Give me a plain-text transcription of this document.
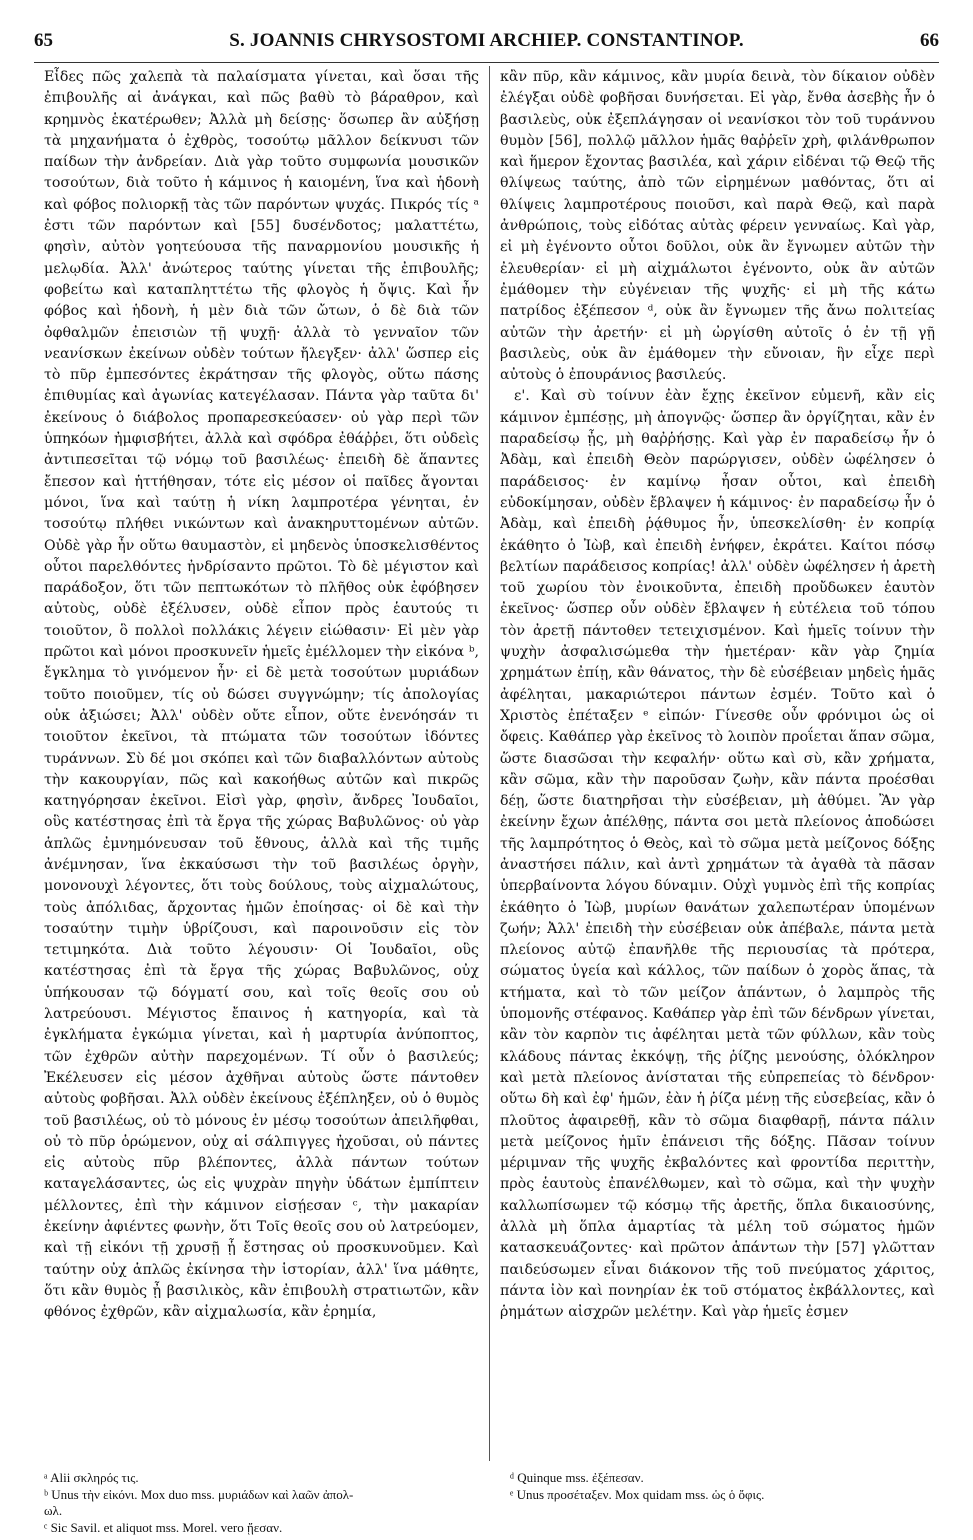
65	S. JOANNIS CHRYSOSTOMI ARCHIEP. CONSTANTINOP.	66

Εἶδες πῶς χαλεπὰ τὰ παλαίσματα γίνεται, καὶ ὅσαι τῆς ἐπιβουλῆς αἱ ἀνάγκαι, καὶ πῶς βαθὺ τὸ βάραθρον, καὶ κρημνὸς ἑκατέρωθεν; Ἀλλὰ μὴ δείσῃς· ὅσωπερ ἂν αὐξήσῃ τὰ μηχανήματα ὁ ἐχθρὸς, τοσούτῳ μᾶλλον δείκνυσι τῶν παίδων τὴν ἀνδρείαν. Διὰ γὰρ τοῦτο συμφωνία μουσικῶν τοσούτων, διὰ τοῦτο ἡ κάμινος ἡ καιομένη, ἵνα καὶ ἡδονὴ καὶ φόβος πολιορκῇ τὰς τῶν παρόντων ψυχάς. Πικρός τίς ᵃ ἐστι τῶν παρόντων καὶ [55] δυσένδοτος; μαλαττέτω, φησὶν, αὐτὸν γοητεύουσα τῆς παναρμονίου μουσικῆς ἡ μελῳδία. Ἀλλ' ἀνώτερος ταύτης γίνεται τῆς ἐπιβουλῆς; φοβείτω καὶ καταπληττέτω τῆς φλογὸς ἡ ὄψις. Καὶ ἦν φόβος καὶ ἡδονὴ, ἡ μὲν διὰ τῶν ὤτων, ὁ δὲ διὰ τῶν ὀφθαλμῶν ἐπεισιὼν τῇ ψυχῇ· ἀλλὰ τὸ γενναῖον τῶν νεανίσκων ἐκείνων οὐδὲν τούτων ἤλεγξεν· ἀλλ' ὥσπερ εἰς τὸ πῦρ ἐμπεσόντες ἐκράτησαν τῆς φλογὸς, οὕτω πάσης ἐπιθυμίας καὶ ἀγωνίας κατεγέλασαν. Πάντα γὰρ ταῦτα δι' ἐκείνους ὁ διάβολος προπαρεσκεύασεν· οὐ γὰρ περὶ τῶν ὑπηκόων ἠμφισβήτει, ἀλλὰ καὶ σφόδρα ἐθάῤῥει, ὅτι οὐδεὶς ἀντιπεσεῖται τῷ νόμῳ τοῦ βασιλέως· ἐπειδὴ δὲ ἅπαντες ἔπεσον καὶ ἡττήθησαν, τότε εἰς μέσον οἱ παῖδες ἄγονται μόνοι, ἵνα καὶ ταύτῃ ἡ νίκη λαμπροτέρα γένηται, ἐν τοσούτῳ πλήθει νικώντων καὶ ἀνακηρυττομένων αὐτῶν. Οὐδὲ γὰρ ἦν οὕτω θαυμαστὸν, εἰ μηδενὸς ὑποσκελισθέντος οὗτοι παρελθόντες ἠνδρίσαντο πρῶτοι. Τὸ δὲ μέγιστον καὶ παράδοξον, ὅτι τῶν πεπτωκότων τὸ πλῆθος οὐκ ἐφόβησεν αὐτοὺς, οὐδὲ ἐξέλυσεν, οὐδὲ εἶπον πρὸς ἑαυτούς τι τοιοῦτον, ὃ πολλοὶ πολλάκις λέγειν εἰώθασιν· Εἰ μὲν γὰρ πρῶτοι καὶ μόνοι προσκυνεῖν ἡμεῖς ἐμέλλομεν τὴν εἰκόνα ᵇ, ἔγκλημα τὸ γινόμενον ἦν· εἰ δὲ μετὰ τοσούτων μυριάδων τοῦτο ποιοῦμεν, τίς οὐ δώσει συγγνώμην; τίς ἀπολογίας οὐκ ἀξιώσει; Ἀλλ' οὐδὲν οὔτε εἶπον, οὔτε ἐνενόησάν τι τοιοῦτον ἐκεῖνοι, τὰ πτώματα τῶν τοσούτων ἰδόντες τυράννων. Σὺ δέ μοι σκόπει καὶ τῶν διαβαλλόντων αὐτοὺς τὴν κακουργίαν, πῶς καὶ κακοήθως αὐτῶν καὶ πικρῶς κατηγόρησαν ἐκεῖνοι. Εἰσὶ γὰρ, φησὶν, ἄνδρες Ἰουδαῖοι, οὓς κατέστησας ἐπὶ τὰ ἔργα τῆς χώρας Βαβυλῶνος· οὐ γὰρ ἁπλῶς ἐμνημόνευσαν τοῦ ἔθνους, ἀλλὰ καὶ τῆς τιμῆς ἀνέμνησαν, ἵνα ἐκκαύσωσι τὴν τοῦ βασιλέως ὀργὴν, μονονουχὶ λέγοντες, ὅτι τοὺς δούλους, τοὺς αἰχμαλώτους, τοὺς ἀπόλιδας, ἄρχοντας ἡμῶν ἐποίησας· οἱ δὲ καὶ τὴν τοσαύτην τιμὴν ὑβρίζουσι, καὶ παροινοῦσιν εἰς τὸν τετιμηκότα. Διὰ τοῦτο λέγουσιν· Οἱ Ἰουδαῖοι, οὓς κατέστησας ἐπὶ τὰ ἔργα τῆς χώρας Βαβυλῶνος, οὐχ ὑπήκουσαν τῷ δόγματί σου, καὶ τοῖς θεοῖς σου οὐ λατρεύουσι. Μέγιστος ἔπαινος ἡ κατηγορία, καὶ τὰ ἐγκλήματα ἐγκώμια γίνεται, καὶ ἡ μαρτυρία ἀνύποπτος, τῶν ἐχθρῶν αὐτὴν παρεχομένων. Τί οὖν ὁ βασιλεύς; Ἐκέλευσεν εἰς μέσον ἀχθῆναι αὐτοὺς ὥστε πάντοθεν αὐτοὺς φοβῆσαι. Ἀλλ οὐδὲν ἐκείνους ἐξέπληξεν, οὐ ὁ θυμὸς τοῦ βασιλέως, οὐ τὸ μόνους ἐν μέσῳ τοσούτων ἀπειλῆφθαι, οὐ τὸ πῦρ ὁρώμενον, οὐχ αἱ σάλπιγγες ἠχοῦσαι, οὐ πάντες εἰς αὐτοὺς πῦρ βλέποντες, ἀλλὰ πάντων τούτων καταγελάσαντες, ὡς εἰς ψυχρὰν πηγὴν ὑδάτων ἐμπίπτειν μέλλοντες, ἐπὶ τὴν κάμινον εἰσῄεσαν ᶜ, τὴν μακαρίαν ἐκείνην ἀφιέντες φωνὴν, ὅτι Τοῖς θεοῖς σου οὐ λατρεύομεν, καὶ τῇ εἰκόνι τῇ χρυσῇ ᾗ ἔστησας οὐ προσκυνοῦμεν. Καὶ ταύτην οὐχ ἁπλῶς ἐκίνησα τὴν ἱστορίαν, ἀλλ' ἵνα μάθητε, ὅτι κἂν θυμὸς ᾖ βασιλικὸς, κἂν ἐπιβουλὴ στρατιωτῶν, κἂν φθόνος ἐχθρῶν, κἂν αἰχμαλωσία, κἂν ἐρημία,

κἂν πῦρ, κἂν κάμινος, κἂν μυρία δεινὰ, τὸν δίκαιον οὐδὲν ἐλέγξαι οὐδὲ φοβῆσαι δυνήσεται. Εἰ γὰρ, ἔνθα ἀσεβὴς ἦν ὁ βασιλεὺς, οὐκ ἐξεπλάγησαν οἱ νεανίσκοι τὸν τοῦ τυράννου θυμὸν [56], πολλῷ μᾶλλον ἡμᾶς θαῤῥεῖν χρὴ, φιλάνθρωπον καὶ ἥμερον ἔχοντας βασιλέα, καὶ χάριν εἰδέναι τῷ Θεῷ τῆς θλίψεως ταύτης, ἀπὸ τῶν εἰρημένων μαθόντας, ὅτι αἱ θλίψεις λαμπροτέρους ποιοῦσι, καὶ παρὰ Θεῷ, καὶ παρὰ ἀνθρώποις, τοὺς εἰδότας αὐτὰς φέρειν γενναίως. Καὶ γὰρ, εἰ μὴ ἐγένοντο οὗτοι δοῦλοι, οὐκ ἂν ἔγνωμεν αὐτῶν τὴν ἐλευθερίαν· εἰ μὴ αἰχμάλωτοι ἐγένοντο, οὐκ ἂν αὐτῶν ἐμάθομεν τὴν εὐγένειαν τῆς ψυχῆς· εἰ μὴ τῆς κάτω πατρίδος ἐξέπεσον ᵈ, οὐκ ἂν ἔγνωμεν τῆς ἄνω πολιτείας αὐτῶν τὴν ἀρετήν· εἰ μὴ ὠργίσθη αὐτοῖς ὁ ἐν τῇ γῇ βασιλεὺς, οὐκ ἂν ἐμάθομεν τὴν εὔνοιαν, ἣν εἶχε περὶ αὐτοὺς ὁ ἐπουράνιος βασιλεύς.

ε'. Καὶ σὺ τοίνυν ἐὰν ἔχῃς ἐκεῖνον εὐμενῆ, κἂν εἰς κάμινον ἐμπέσῃς, μὴ ἀπογνῷς· ὥσπερ ἂν ὀργίζηται, κἂν ἐν παραδείσῳ ᾖς, μὴ θαῤῥήσῃς. Καὶ γὰρ ἐν παραδείσῳ ἦν ὁ Ἀδὰμ, καὶ ἐπειδὴ Θεὸν παρώργισεν, οὐδὲν ὠφέλησεν ὁ παράδεισος· ἐν καμίνῳ ἦσαν οὗτοι, καὶ ἐπειδὴ εὐδοκίμησαν, οὐδὲν ἔβλαψεν ἡ κάμινος· ἐν παραδείσῳ ἦν ὁ Ἀδὰμ, καὶ ἐπειδὴ ῥᾴθυμος ἦν, ὑπεσκελίσθη· ἐν κοπρίᾳ ἐκάθητο ὁ Ἰὼβ, καὶ ἐπειδὴ ἐνήφεν, ἐκράτει. Καίτοι πόσῳ βελτίων παράδεισος κοπρίας! ἀλλ' οὐδὲν ὠφέλησεν ἡ ἀρετὴ τοῦ χωρίου τὸν ἐνοικοῦντα, ἐπειδὴ προὔδωκεν ἑαυτὸν ἐκεῖνος· ὥσπερ οὖν οὐδὲν ἔβλαψεν ἡ εὐτέλεια τοῦ τόπου τὸν ἀρετῇ πάντοθεν τετειχισμένον. Καὶ ἡμεῖς τοίνυν τὴν ψυχὴν ἀσφαλισώμεθα τὴν ἡμετέραν· κἂν γὰρ ζημία χρημάτων ἐπίῃ, κἂν θάνατος, τὴν δὲ εὐσέβειαν μηδεὶς ἡμᾶς ἀφέληται, μακαριώτεροι πάντων ἐσμέν. Τοῦτο καὶ ὁ Χριστὸς ἐπέταξεν ᵉ εἰπών· Γίνεσθε οὖν φρόνιμοι ὡς οἱ ὄφεις. Καθάπερ γὰρ ἐκεῖνος τὸ λοιπὸν προΐεται ἅπαν σῶμα, ὥστε διασῶσαι τὴν κεφαλήν· οὕτω καὶ σὺ, κἂν χρήματα, κἂν σῶμα, κἂν τὴν παροῦσαν ζωὴν, κἂν πάντα προέσθαι δέῃ, ὥστε διατηρῆσαι τὴν εὐσέβειαν, μὴ ἀθύμει. Ἂν γὰρ ἐκείνην ἔχων ἀπέλθῃς, πάντα σοι μετὰ πλείονος ἀποδώσει τῆς λαμπρότητος ὁ Θεὸς, καὶ τὸ σῶμα μετὰ μείζονος δόξης ἀναστήσει πάλιν, καὶ ἀντὶ χρημάτων τὰ ἀγαθὰ τὰ πᾶσαν ὑπερβαίνοντα λόγου δύναμιν. Οὐχὶ γυμνὸς ἐπὶ τῆς κοπρίας ἐκάθητο ὁ Ἰὼβ, μυρίων θανάτων χαλεπωτέραν ὑπομένων ζωήν; Ἀλλ' ἐπειδὴ τὴν εὐσέβειαν οὐκ ἀπέβαλε, πάντα μετὰ πλείονος αὐτῷ ἐπανῆλθε τῆς περιουσίας τὰ πρότερα, σώματος ὑγεία καὶ κάλλος, τῶν παίδων ὁ χορὸς ἅπας, τὰ κτήματα, καὶ τὸ τῶν μείζον ἁπάντων, ὁ λαμπρὸς τῆς ὑπομονῆς στέφανος. Καθάπερ γὰρ ἐπὶ τῶν δένδρων γίνεται, κἂν τὸν καρπὸν τις ἀφέληται μετὰ τῶν φύλλων, κἂν τοὺς κλάδους πάντας ἐκκόψῃ, τῆς ῥίζης μενούσης, ὁλόκληρον καὶ μετὰ πλείονος ἀνίσταται τῆς εὐπρεπείας τὸ δένδρον· οὕτω δὴ καὶ ἐφ' ἡμῶν, ἐὰν ἡ ῥίζα μένῃ τῆς εὐσεβείας, κἂν ὁ πλοῦτος ἀφαιρεθῇ, κἂν τὸ σῶμα διαφθαρῇ, πάντα πάλιν μετὰ μείζονος ἡμῖν ἐπάνεισι τῆς δόξης. Πᾶσαν τοίνυν μέριμναν τῆς ψυχῆς ἐκβαλόντες καὶ φροντίδα περιττὴν, πρὸς ἑαυτοὺς ἐπανέλθωμεν, καὶ τὸ σῶμα, καὶ τὴν ψυχὴν καλλωπίσωμεν τῷ κόσμῳ τῆς ἀρετῆς, ὅπλα δικαιοσύνης, ἀλλὰ μὴ ὅπλα ἁμαρτίας τὰ μέλη τοῦ σώματος ἡμῶν κατασκευάζοντες· καὶ πρῶτον ἁπάντων τὴν [57] γλῶτταν παιδεύσωμεν εἶναι διάκονον τῆς τοῦ πνεύματος χάριτος, πάντα ἰὸν καὶ πονηρίαν ἐκ τοῦ στόματος ἐκβάλλοντες, καὶ ῥημάτων αἰσχρῶν μελέτην. Καὶ γὰρ ἡμεῖς ἐσμεν

ᵃ Alii σκληρός τις.
ᵇ Unus τὴν εἰκόνι. Mox duo mss. μυριάδων καὶ λαῶν ἀπολ-
ωλ.
ᶜ Sic Savil. et aliquot mss. Morel. vero ᾔεσαν.
ᵈ Quinque mss. ἐξέπεσαν.
ᵉ Unus προσέταξεν. Mox quidam mss. ὡς ὁ ὄφις.
